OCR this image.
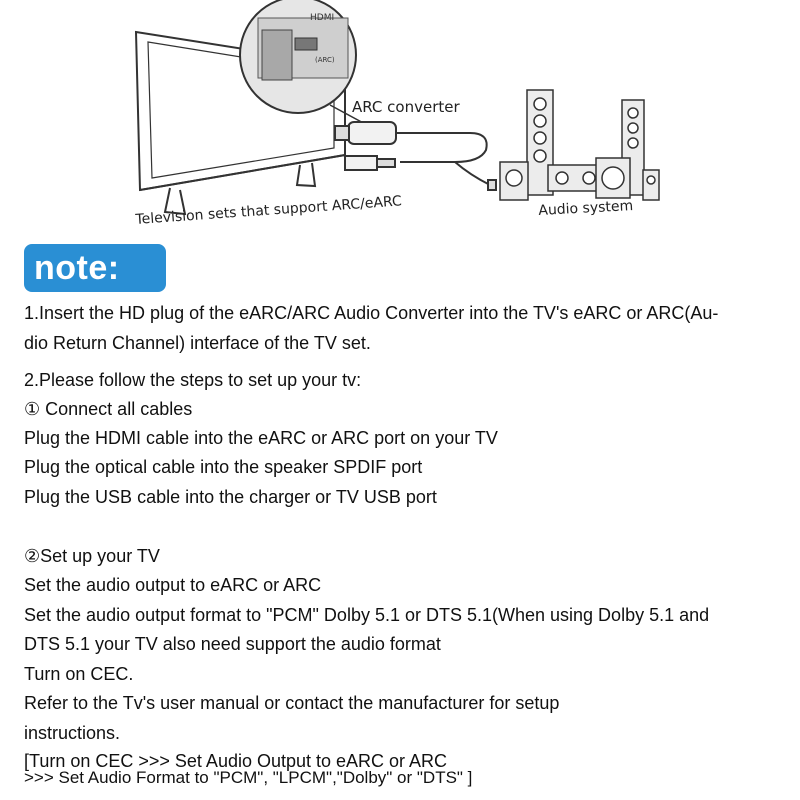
HDMI
(ARC)
ARC converter
Television sets that support ARC/eARC	Audio system
note:
1.Insert the HD plug of the eARC/ARC Audio Converter into the TV's eARC or ARC(Au-
dio Return Channel) interface of the TV set.
2.Please follow the steps to set up your tv:
① Connect all cables
Plug the HDMI cable into the eARC or ARC port on your TV
Plug the optical cable into the speaker SPDIF port
Plug the USB cable into the charger or TV USB port
②Set up your TV
Set the audio output to eARC or ARC
Set the audio output format to "PCM" Dolby 5.1 or DTS 5.1(When using Dolby 5.1 and
DTS 5.1 your TV also need support the audio format
Turn on CEC.
Refer to the Tv's user manual or contact the manufacturer for setup
instructions.
[Turn on CEC >>> Set Audio Output to eARC or ARC
>>> Set Audio Format to "PCM", "LPCM","Dolby" or "DTS" ]
